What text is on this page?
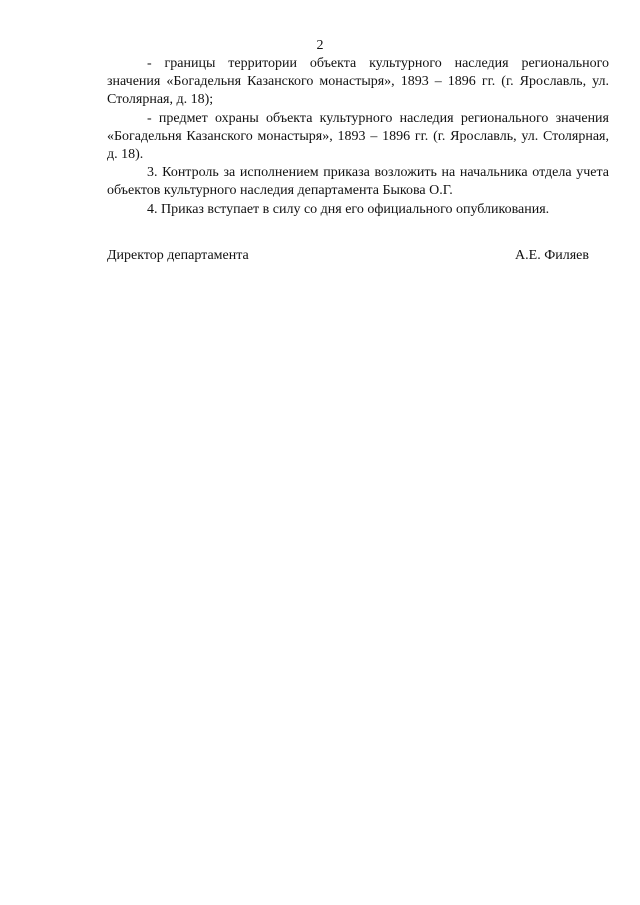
2

- границы территории объекта культурного наследия регионального значения «Богадельня Казанского монастыря», 1893 – 1896 гг. (г. Ярославль, ул. Столярная, д. 18);

- предмет охраны объекта культурного наследия регионального значения «Богадельня Казанского монастыря», 1893 – 1896 гг. (г. Ярославль, ул. Столярная, д. 18).

3. Контроль за исполнением приказа возложить на начальника отдела учета объектов культурного наследия департамента Быкова О.Г.

4. Приказ вступает в силу со дня его официального опубликования.

Директор департамента	А.Е. Филяев
